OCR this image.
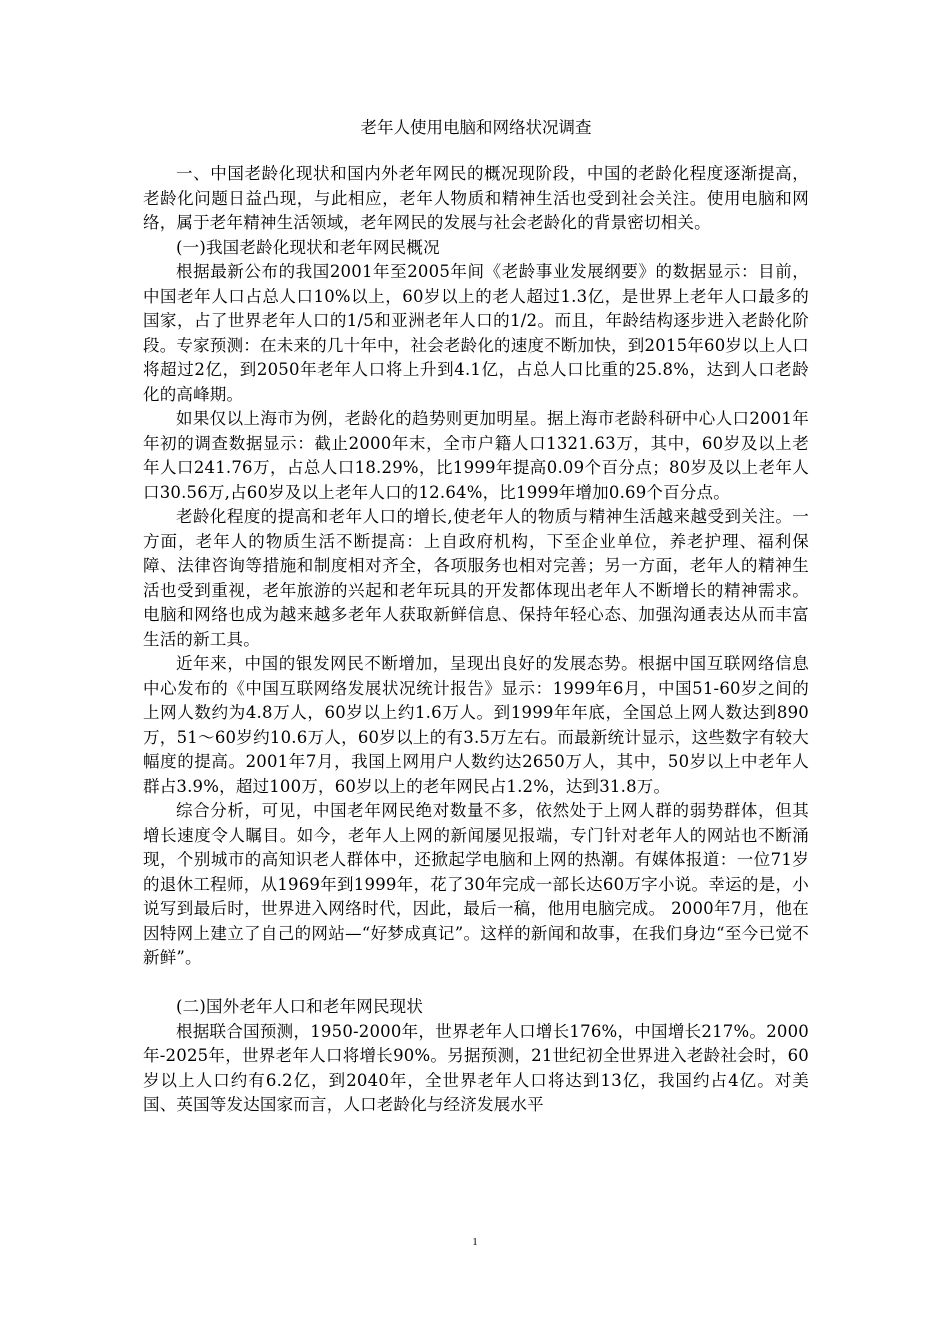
老年人使用电脑和网络状况调查

一、中国老龄化现状和国内外老年网民的概况现阶段，中国的老龄化程度逐渐提高，老龄化问题日益凸现，与此相应，老年人物质和精神生活也受到社会关注。使用电脑和网络，属于老年精神生活领域，老年网民的发展与社会老龄化的背景密切相关。

(一)我国老龄化现状和老年网民概况

根据最新公布的我国2001年至2005年间《老龄事业发展纲要》的数据显示：目前，中国老年人口占总人口10%以上，60岁以上的老人超过1.3亿，是世界上老年人口最多的国家，占了世界老年人口的1/5和亚洲老年人口的1/2。而且，年龄结构逐步进入老龄化阶段。专家预测：在未来的几十年中，社会老龄化的速度不断加快，到2015年60岁以上人口将超过2亿，到2050年老年人口将上升到4.1亿，占总人口比重的25.8%，达到人口老龄化的高峰期。

如果仅以上海市为例，老龄化的趋势则更加明星。据上海市老龄科研中心人口2001年年初的调查数据显示：截止2000年末，全市户籍人口1321.63万，其中，60岁及以上老年人口241.76万，占总人口18.29%，比1999年提高0.09个百分点；80岁及以上老年人口30.56万,占60岁及以上老年人口的12.64%，比1999年增加0.69个百分点。

老龄化程度的提高和老年人口的增长,使老年人的物质与精神生活越来越受到关注。一方面，老年人的物质生活不断提高：上自政府机构，下至企业单位，养老护理、福利保障、法律咨询等措施和制度相对齐全，各项服务也相对完善；另一方面，老年人的精神生活也受到重视，老年旅游的兴起和老年玩具的开发都体现出老年人不断增长的精神需求。电脑和网络也成为越来越多老年人获取新鲜信息、保持年轻心态、加强沟通表达从而丰富生活的新工具。

近年来，中国的银发网民不断增加，呈现出良好的发展态势。根据中国互联网络信息中心发布的《中国互联网络发展状况统计报告》显示：1999年6月，中国51-60岁之间的上网人数约为4.8万人，60岁以上约1.6万人。到1999年年底，全国总上网人数达到890万，51～60岁约10.6万人，60岁以上的有3.5万左右。而最新统计显示，这些数字有较大幅度的提高。2001年7月，我国上网用户人数约达2650万人，其中，50岁以上中老年人群占3.9%，超过100万，60岁以上的老年网民占1.2%，达到31.8万。

综合分析，可见，中国老年网民绝对数量不多，依然处于上网人群的弱势群体，但其增长速度令人瞩目。如今，老年人上网的新闻屡见报端，专门针对老年人的网站也不断涌现，个别城市的高知识老人群体中，还掀起学电脑和上网的热潮。有媒体报道：一位71岁的退休工程师，从1969年到1999年，花了30年完成一部长达60万字小说。幸运的是，小说写到最后时，世界进入网络时代，因此，最后一稿，他用电脑完成。 2000年7月，他在因特网上建立了自己的网站—“好梦成真记”。这样的新闻和故事，在我们身边“至今已觉不新鲜”。

(二)国外老年人口和老年网民现状

根据联合国预测，1950-2000年，世界老年人口增长176%，中国增长217%。2000年-2025年，世界老年人口将增长90%。另据预测，21世纪初全世界进入老龄社会时，60岁以上人口约有6.2亿，到2040年，全世界老年人口将达到13亿，我国约占4亿。对美国、英国等发达国家而言，人口老龄化与经济发展水平

1
